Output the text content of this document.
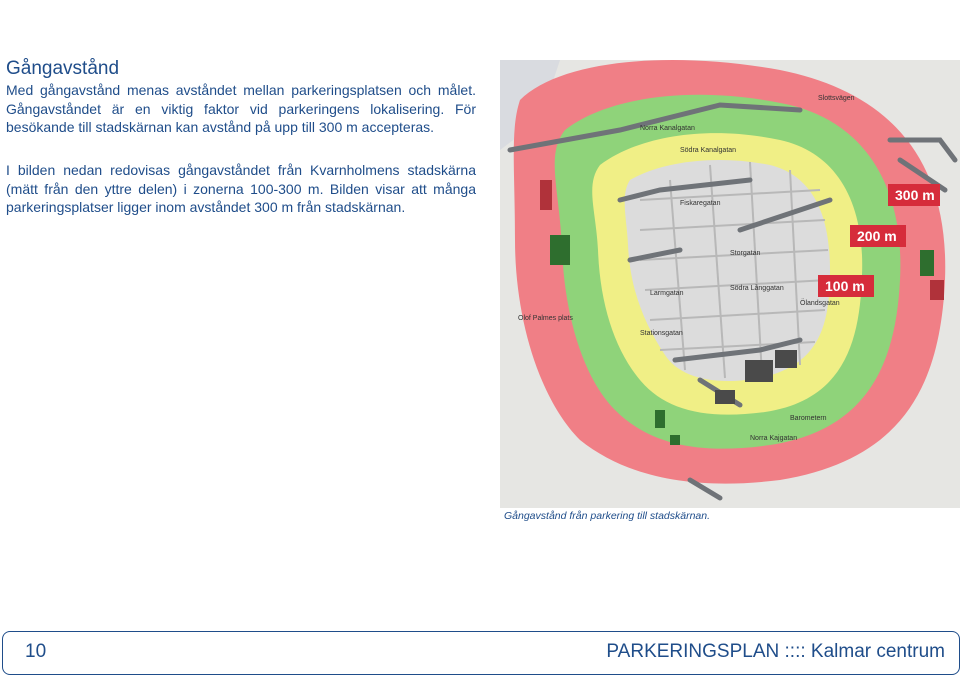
Gångavstånd
Med gångavstånd menas avståndet mellan parkeringsplatsen och målet. Gångavståndet är en viktig faktor vid parkeringens lokalisering. För besökande till stadskärnan kan avstånd på upp till 300 m accepteras.
I bilden nedan redovisas gångavståndet från Kvarnholmens stadskärna (mätt från den yttre delen) i zonerna 100-300 m. Bilden visar att många parkeringsplatser ligger inom avståndet 300 m från stadskärnan.
300 m
200 m
100 m
Norra Kanalgatan
Södra Kanalgatan
Storgatan
Fiskaregatan
Larmgatan
Södra Långgatan
Olof Palmes plats
Stationsgatan
Barometern
Norra Kajgatan
Ölandsgatan
Slottsvägen
Gångavstånd från parkering till stadskärnan.
10	PARKERINGSPLAN :::: Kalmar centrum
